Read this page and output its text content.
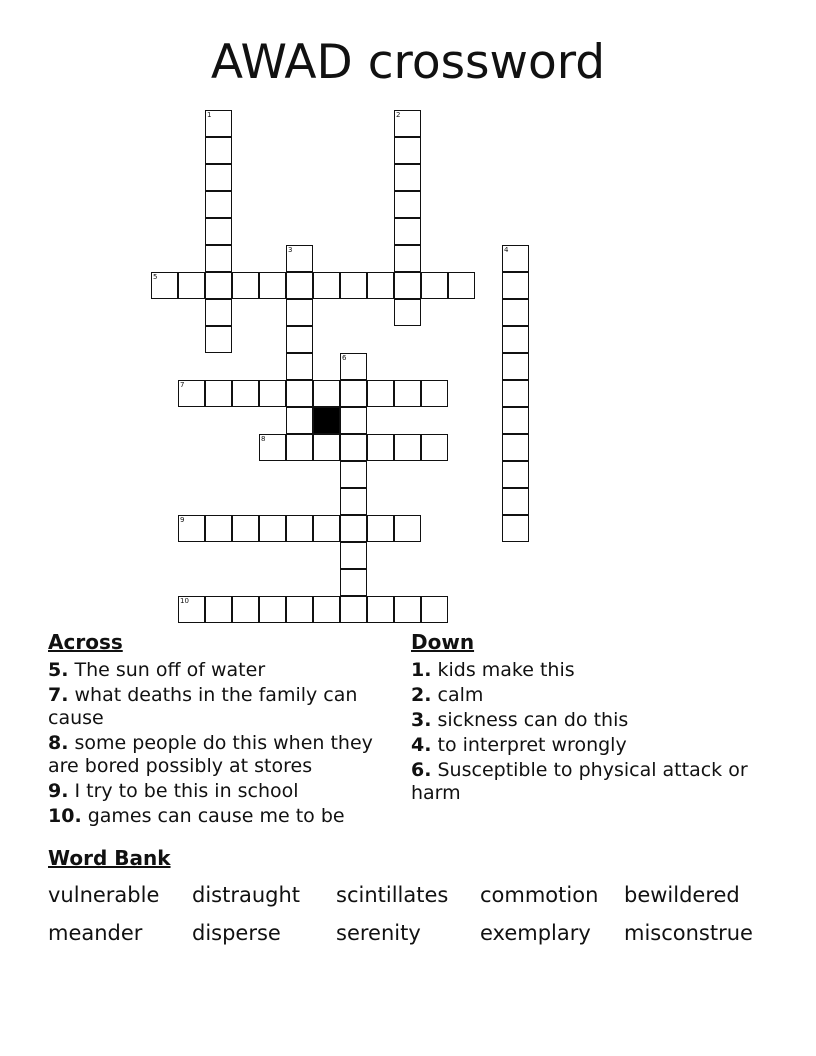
AWAD crossword
1	2
3	4
6
5
7
8
9
10
Across
5. The sun off of water
7. what deaths in the family can cause
8. some people do this when they are bored possibly at stores
9. I try to be this in school
10. games can cause me to be
Down
1. kids make this
2. calm
3. sickness can do this
4. to interpret wrongly
6. Susceptible to physical attack or harm
Word Bank
vulnerable distraught scintillates commotion bewildered
meander disperse	serenity	exemplary misconstrue
